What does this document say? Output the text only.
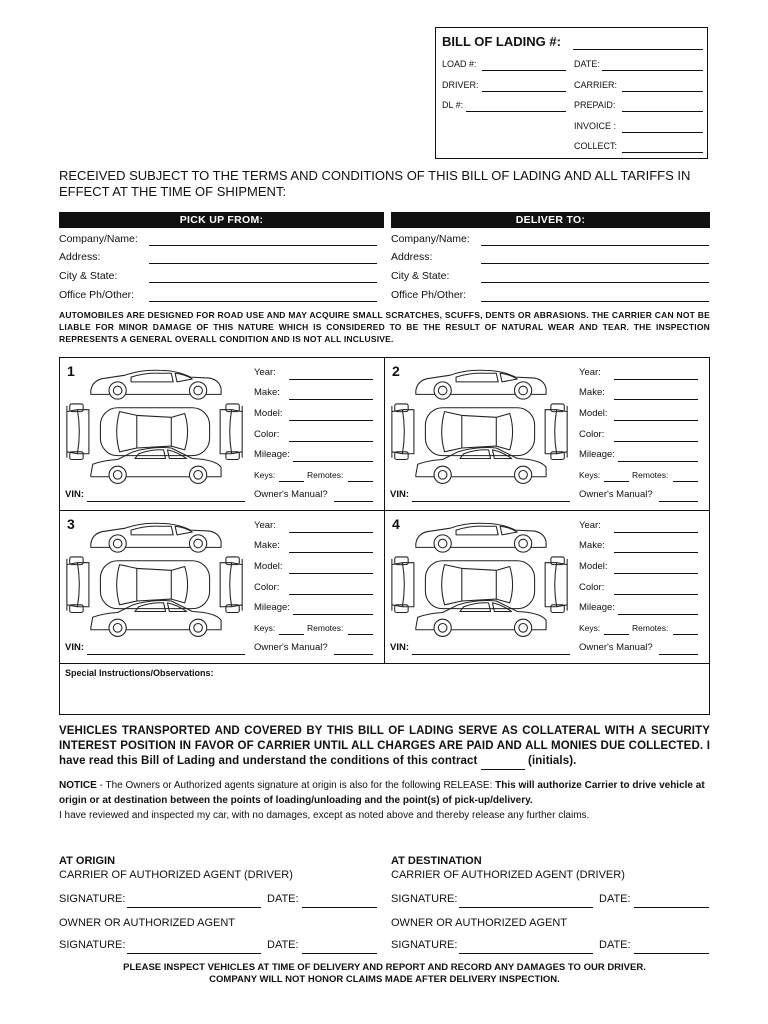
BILL OF LADING #:
LOAD #:
DRIVER:
DL #:
DATE:
CARRIER:
PREPAID:
INVOICE :
COLLECT:
RECEIVED SUBJECT TO THE TERMS AND CONDITIONS OF THIS BILL OF LADING AND ALL TARIFFS IN EFFECT AT THE TIME OF SHIPMENT:
PICK UP FROM:	DELIVER TO:
Company/Name:
Address:
City & State:
Office Ph/Other:
Company/Name:
Address:
City & State:
Office Ph/Other:
AUTOMOBILES ARE DESIGNED FOR ROAD USE AND MAY ACQUIRE SMALL SCRATCHES, SCUFFS, DENTS OR ABRASIONS. THE CARRIER CAN NOT BE LIABLE FOR MINOR DAMAGE OF THIS NATURE WHICH IS CONSIDERED TO BE THE RESULT OF NATURAL WEAR AND TEAR. THE INSPECTION REPRESENTS A GENERAL OVERALL CONDITION AND IS NOT ALL INCLUSIVE.
Special Instructions/Observations:
1	Year:
Make:
Model:
Color:
Mileage:
Keys:	Remotes:
VIN:	Owner's Manual?
2	Year:
Make:
Model:
Color:
Mileage:
Keys:	Remotes:
VIN:	Owner's Manual?
3	Year:
Make:
Model:
Color:
Mileage:
Keys:	Remotes:
VIN:	Owner's Manual?
4	Year:
Make:
Model:
Color:
Mileage:
Keys:	Remotes:
VIN:	Owner's Manual?
VEHICLES TRANSPORTED AND COVERED BY THIS BILL OF LADING SERVE AS COLLATERAL WITH A SECURITY INTEREST POSITION IN FAVOR OF CARRIER UNTIL ALL CHARGES ARE PAID AND ALL MONIES DUE COLLECTED. I have read this Bill of Lading and understand the conditions of this contract	(initials).
NOTICE - The Owners or Authorized agents signature at origin is also for the following RELEASE: This will authorize Carrier to drive vehicle at origin or at destination between the points of loading/unloading and the point(s) of pick-up/delivery.
I have reviewed and inspected my car, with no damages, except as noted above and thereby release any further claims.
AT ORIGIN
CARRIER OF AUTHORIZED AGENT (DRIVER)
SIGNATURE:	DATE:
OWNER OR AUTHORIZED AGENT
SIGNATURE:	DATE:
AT DESTINATION
CARRIER OF AUTHORIZED AGENT (DRIVER)
SIGNATURE:	DATE:
OWNER OR AUTHORIZED AGENT
SIGNATURE:	DATE:
PLEASE INSPECT VEHICLES AT TIME OF DELIVERY AND REPORT AND RECORD ANY DAMAGES TO OUR DRIVER.
COMPANY WILL NOT HONOR CLAIMS MADE AFTER DELIVERY INSPECTION.
